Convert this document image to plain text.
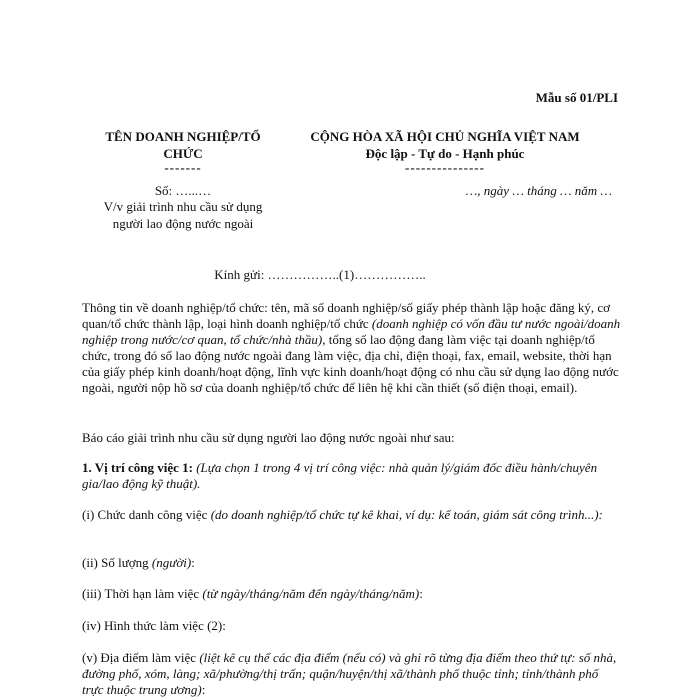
Mẫu số 01/PLI
TÊN DOANH NGHIỆP/TỔ
CHỨC
-------
CỘNG HÒA XÃ HỘI CHỦ NGHĨA VIỆT NAM
Độc lập - Tự do - Hạnh phúc
---------------
Số: …...…	…, ngày … tháng … năm …
V/v giải trình nhu cầu sử dụng
người lao động nước ngoài
Kính gửi: ……………..(1)……………..
Thông tin về doanh nghiệp/tổ chức: tên, mã số doanh nghiệp/số giấy phép thành lập hoặc đăng ký, cơ quan/tổ chức thành lập, loại hình doanh nghiệp/tổ chức (doanh nghiệp có vốn đầu tư nước ngoài/doanh nghiệp trong nước/cơ quan, tổ chức/nhà thầu), tổng số lao động đang làm việc tại doanh nghiệp/tổ chức, trong đó số lao động nước ngoài đang làm việc, địa chỉ, điện thoại, fax, email, website, thời hạn của giấy phép kinh doanh/hoạt động, lĩnh vực kinh doanh/hoạt động có nhu cầu sử dụng lao động nước ngoài, người nộp hồ sơ của doanh nghiệp/tổ chức để liên hệ khi cần thiết (số điện thoại, email).
Báo cáo giải trình nhu cầu sử dụng người lao động nước ngoài như sau:
1. Vị trí công việc 1: (Lựa chọn 1 trong 4 vị trí công việc: nhà quản lý/giám đốc điều hành/chuyên gia/lao động kỹ thuật).
(i) Chức danh công việc (do doanh nghiệp/tổ chức tự kê khai, ví dụ: kế toán, giám sát công trình...):
(ii) Số lượng (người):
(iii) Thời hạn làm việc (từ ngày/tháng/năm đến ngày/tháng/năm):
(iv) Hình thức làm việc (2):
(v) Địa điểm làm việc (liệt kê cụ thể các địa điểm (nếu có) và ghi rõ từng địa điểm theo thứ tự: số nhà, đường phố, xóm, làng; xã/phường/thị trấn; quận/huyện/thị xã/thành phố thuộc tỉnh; tỉnh/thành phố trực thuộc trung ương):
